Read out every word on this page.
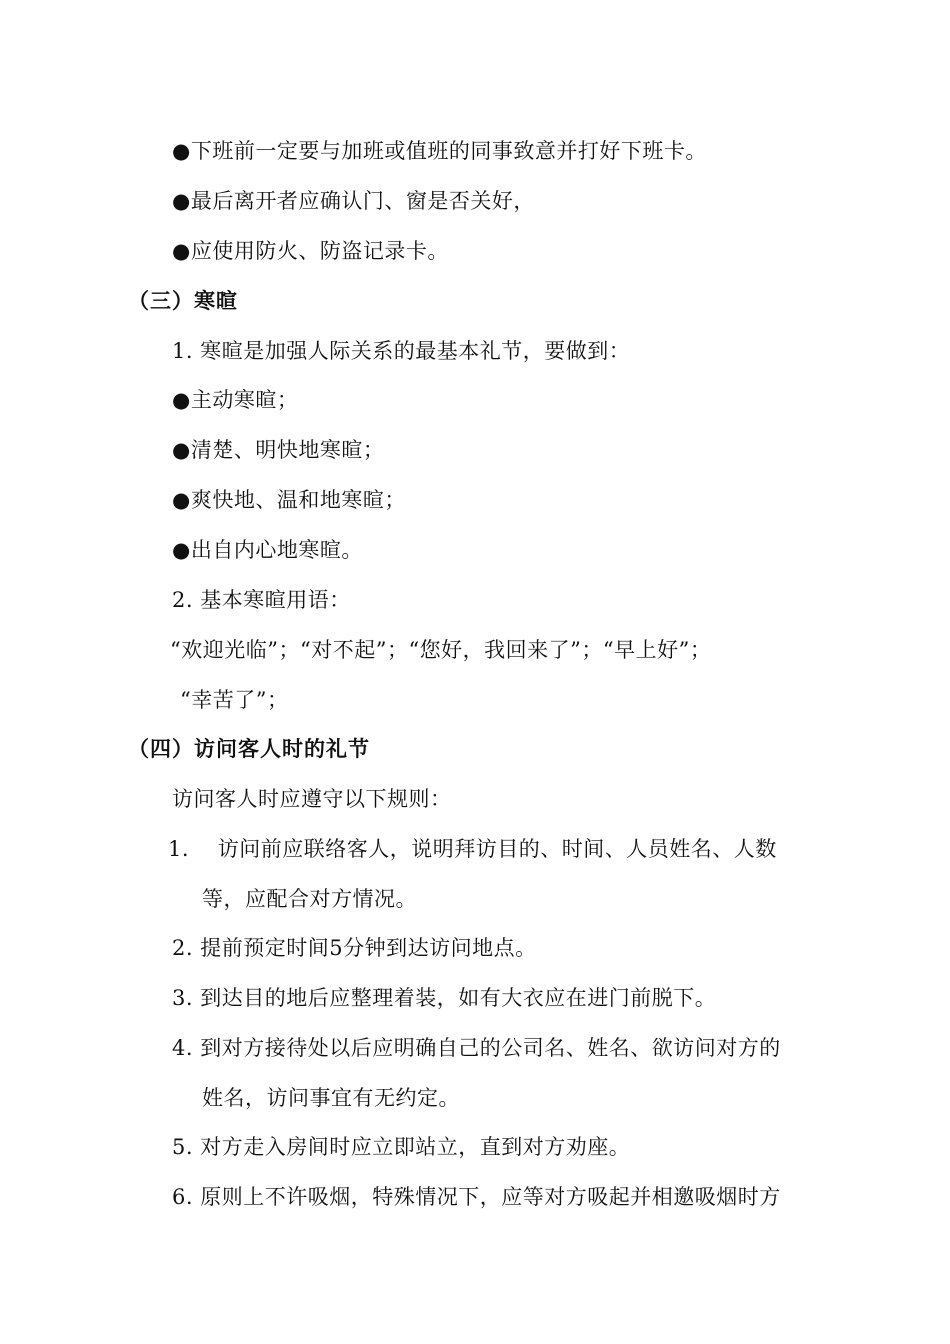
●下班前一定要与加班或值班的同事致意并打好下班卡。
●最后离开者应确认门、窗是否关好，
●应使用防火、防盗记录卡。
（三）寒暄
1. 寒暄是加强人际关系的最基本礼节，要做到：
●主动寒暄；
●清楚、明快地寒暄；
●爽快地、温和地寒暄；
●出自内心地寒暄。
2. 基本寒暄用语：
“欢迎光临”；“对不起”；“您好，我回来了”；“早上好”；
“幸苦了”；
（四）访问客人时的礼节
访问客人时应遵守以下规则：
1.    访问前应联络客人，说明拜访目的、时间、人员姓名、人数
等，应配合对方情况。
2. 提前预定时间5分钟到达访问地点。
3. 到达目的地后应整理着装，如有大衣应在进门前脱下。
4. 到对方接待处以后应明确自己的公司名、姓名、欲访问对方的
姓名，访问事宜有无约定。
5. 对方走入房间时应立即站立，直到对方劝座。
6. 原则上不许吸烟，特殊情况下，应等对方吸起并相邀吸烟时方
